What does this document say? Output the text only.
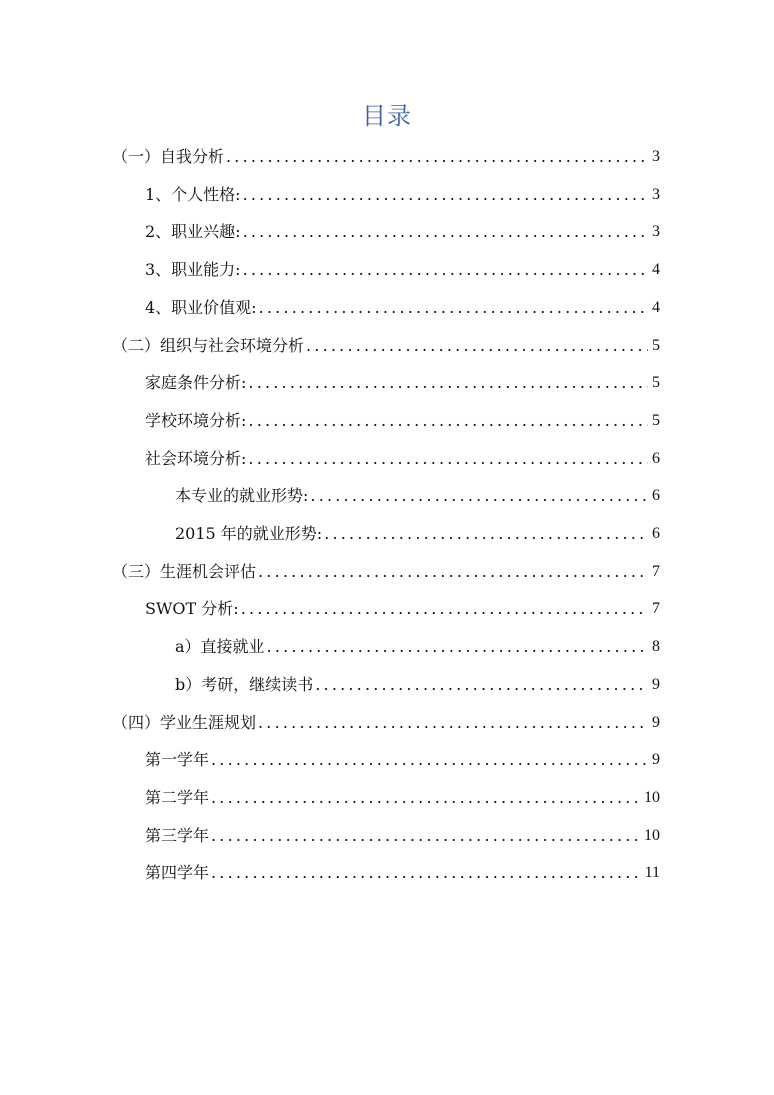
目录
（一）自我分析 .....	3
1、个人性格: .....	3
2、职业兴趣: .....	3
3、职业能力: .....	4
4、职业价值观: .....	4
（二）组织与社会环境分析 .....	5
家庭条件分析: .....	5
学校环境分析: .....	5
社会环境分析: .....	6
本专业的就业形势: .....	6
2015 年的就业形势: .....	6
（三）生涯机会评估 .....	7
SWOT 分析: .....	7
a）直接就业 .....	8
b）考研，继续读书 .....	9
（四）学业生涯规划 .....	9
第一学年 .....	9
第二学年 .....	10
第三学年 .....	10
第四学年 .....	11
